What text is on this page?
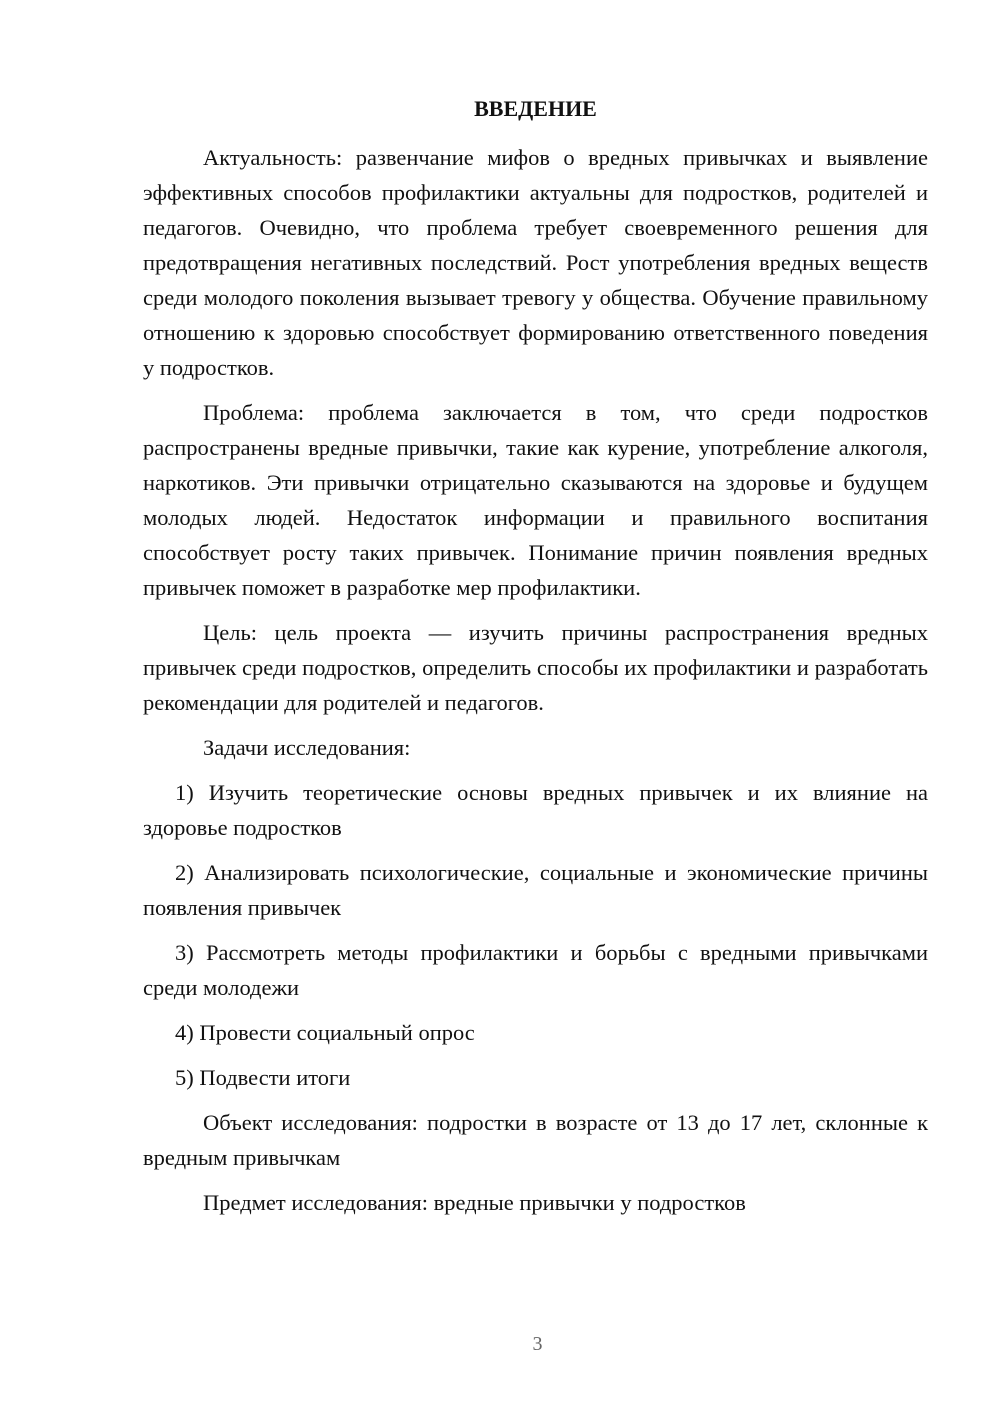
ВВЕДЕНИЕ

Актуальность: развенчание мифов о вредных привычках и выявление эффективных способов профилактики актуальны для подростков, родителей и педагогов. Очевидно, что проблема требует своевременного решения для предотвращения негативных последствий. Рост употребления вредных веществ среди молодого поколения вызывает тревогу у общества. Обучение правильному отношению к здоровью способствует формированию ответственного поведения у подростков.

Проблема: проблема заключается в том, что среди подростков распространены вредные привычки, такие как курение, употребление алкоголя, наркотиков. Эти привычки отрицательно сказываются на здоровье и будущем молодых людей. Недостаток информации и правильного воспитания способствует росту таких привычек. Понимание причин появления вредных привычек поможет в разработке мер профилактики.

Цель: цель проекта — изучить причины распространения вредных привычек среди подростков, определить способы их профилактики и разработать рекомендации для родителей и педагогов.

Задачи исследования:

1) Изучить теоретические основы вредных привычек и их влияние на здоровье подростков

2) Анализировать психологические, социальные и экономические причины появления привычек

3) Рассмотреть методы профилактики и борьбы с вредными привычками среди молодежи

4) Провести социальный опрос

5) Подвести итоги

Объект исследования: подростки в возрасте от 13 до 17 лет, склонные к вредным привычкам

Предмет исследования: вредные привычки у подростков

3
